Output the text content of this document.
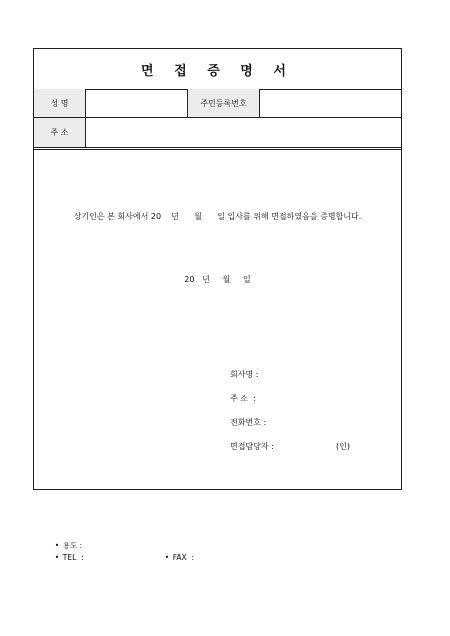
면 접 증 명 서
성 명	주민등록번호
주 소
상기인은 본 회사에서 20    년      월      일 입사를 위해 면접하였음을 증명합니다.
20   년     월     일
회사명 :
주 소  :
전화번호 :
면접담당자 :	(인)

• 용도 :

• TEL  :	• FAX  :
